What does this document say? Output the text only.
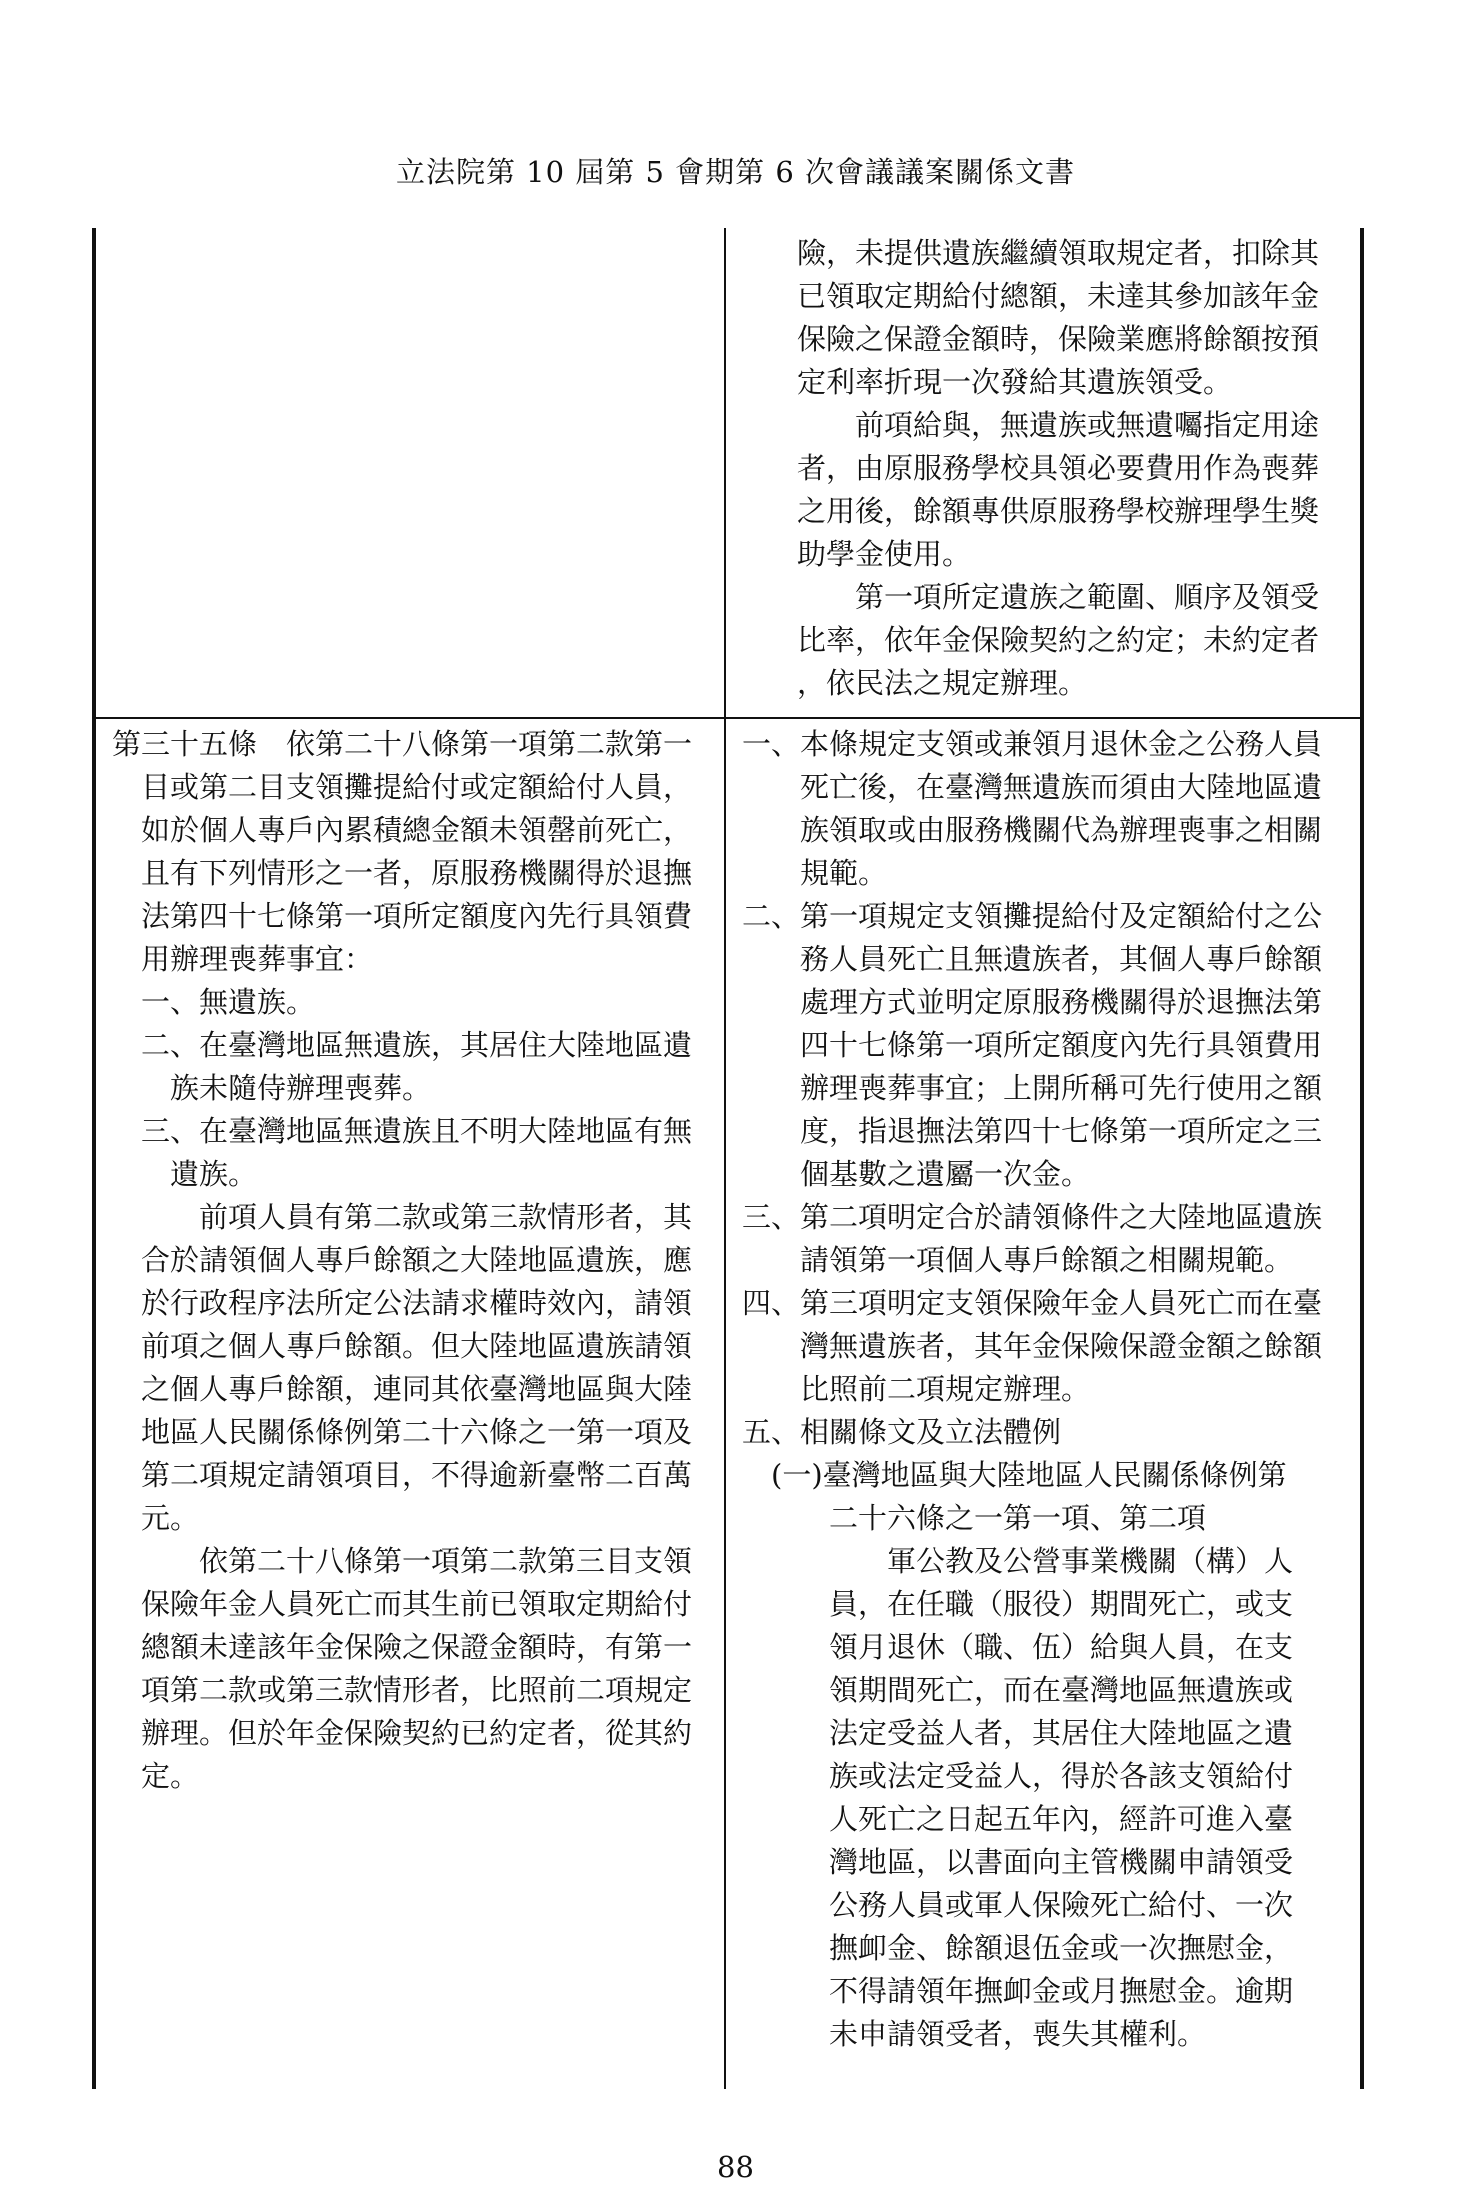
立法院第 10 屆第 5 會期第 6 次會議議案關係文書

險，未提供遺族繼續領取規定者，扣除其

已領取定期給付總額，未達其參加該年金

保險之保證金額時，保險業應將餘額按預

定利率折現一次發給其遺族領受。

前項給與，無遺族或無遺囑指定用途

者，由原服務學校具領必要費用作為喪葬

之用後，餘額專供原服務學校辦理學生獎

助學金使用。

第一項所定遺族之範圍、順序及領受

比率，依年金保險契約之約定；未約定者

，依民法之規定辦理。

第三十五條　依第二十八條第一項第二款第一

目或第二目支領攤提給付或定額給付人員，

如於個人專戶內累積總金額未領罄前死亡，

且有下列情形之一者，原服務機關得於退撫

法第四十七條第一項所定額度內先行具領費

用辦理喪葬事宜：

一、無遺族。

二、在臺灣地區無遺族，其居住大陸地區遺

族未隨侍辦理喪葬。

三、在臺灣地區無遺族且不明大陸地區有無

遺族。

前項人員有第二款或第三款情形者，其

合於請領個人專戶餘額之大陸地區遺族，應

於行政程序法所定公法請求權時效內，請領

前項之個人專戶餘額。但大陸地區遺族請領

之個人專戶餘額，連同其依臺灣地區與大陸

地區人民關係條例第二十六條之一第一項及

第二項規定請領項目，不得逾新臺幣二百萬

元。

依第二十八條第一項第二款第三目支領

保險年金人員死亡而其生前已領取定期給付

總額未達該年金保險之保證金額時，有第一

項第二款或第三款情形者，比照前二項規定

辦理。但於年金保險契約已約定者，從其約

定。

一、本條規定支領或兼領月退休金之公務人員

死亡後，在臺灣無遺族而須由大陸地區遺

族領取或由服務機關代為辦理喪事之相關

規範。

二、第一項規定支領攤提給付及定額給付之公

務人員死亡且無遺族者，其個人專戶餘額

處理方式並明定原服務機關得於退撫法第

四十七條第一項所定額度內先行具領費用

辦理喪葬事宜；上開所稱可先行使用之額

度，指退撫法第四十七條第一項所定之三

個基數之遺屬一次金。

三、第二項明定合於請領條件之大陸地區遺族

請領第一項個人專戶餘額之相關規範。

四、第三項明定支領保險年金人員死亡而在臺

灣無遺族者，其年金保險保證金額之餘額

比照前二項規定辦理。

五、相關條文及立法體例

(一)臺灣地區與大陸地區人民關係條例第

二十六條之一第一項、第二項

軍公教及公營事業機關（構）人

員，在任職（服役）期間死亡，或支

領月退休（職、伍）給與人員，在支

領期間死亡，而在臺灣地區無遺族或

法定受益人者，其居住大陸地區之遺

族或法定受益人，得於各該支領給付

人死亡之日起五年內，經許可進入臺

灣地區，以書面向主管機關申請領受

公務人員或軍人保險死亡給付、一次

撫卹金、餘額退伍金或一次撫慰金，

不得請領年撫卹金或月撫慰金。逾期

未申請領受者，喪失其權利。

88
